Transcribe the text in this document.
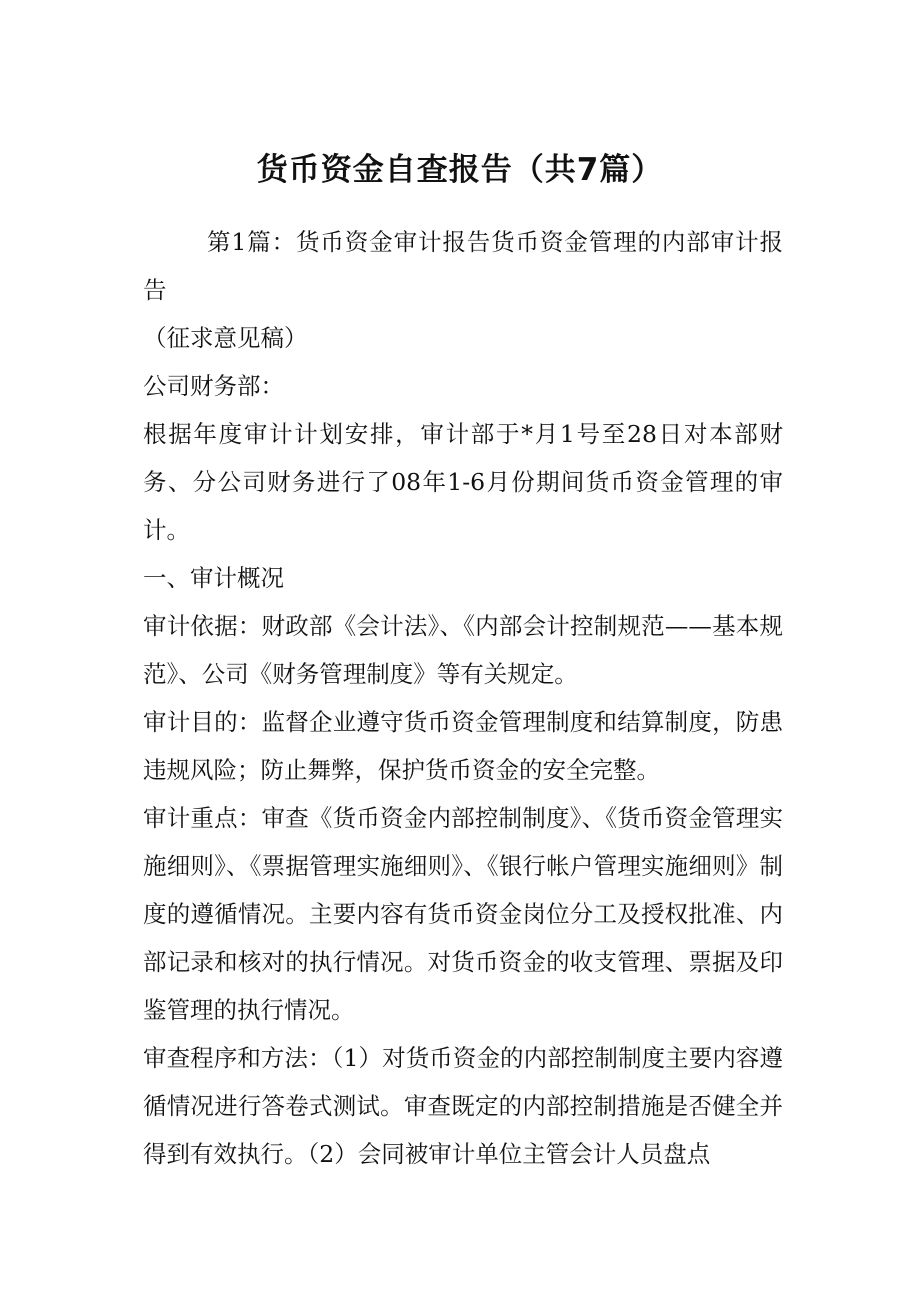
货币资金自查报告（共7篇）

第1篇：货币资金审计报告货币资金管理的内部审计报告

（征求意见稿）

公司财务部：

根据年度审计计划安排，审计部于*月1号至28日对本部财务、分公司财务进行了08年1-6月份期间货币资金管理的审计。

一、审计概况

审计依据：财政部《会计法》、《内部会计控制规范——基本规范》、公司《财务管理制度》等有关规定。

审计目的：监督企业遵守货币资金管理制度和结算制度，防患违规风险；防止舞弊，保护货币资金的安全完整。

审计重点：审查《货币资金内部控制制度》、《货币资金管理实施细则》、《票据管理实施细则》、《银行帐户管理实施细则》制度的遵循情况。主要内容有货币资金岗位分工及授权批准、内部记录和核对的执行情况。对货币资金的收支管理、票据及印鉴管理的执行情况。

审查程序和方法：（1）对货币资金的内部控制制度主要内容遵循情况进行答卷式测试。审查既定的内部控制措施是否健全并得到有效执行。（2）会同被审计单位主管会计人员盘点
